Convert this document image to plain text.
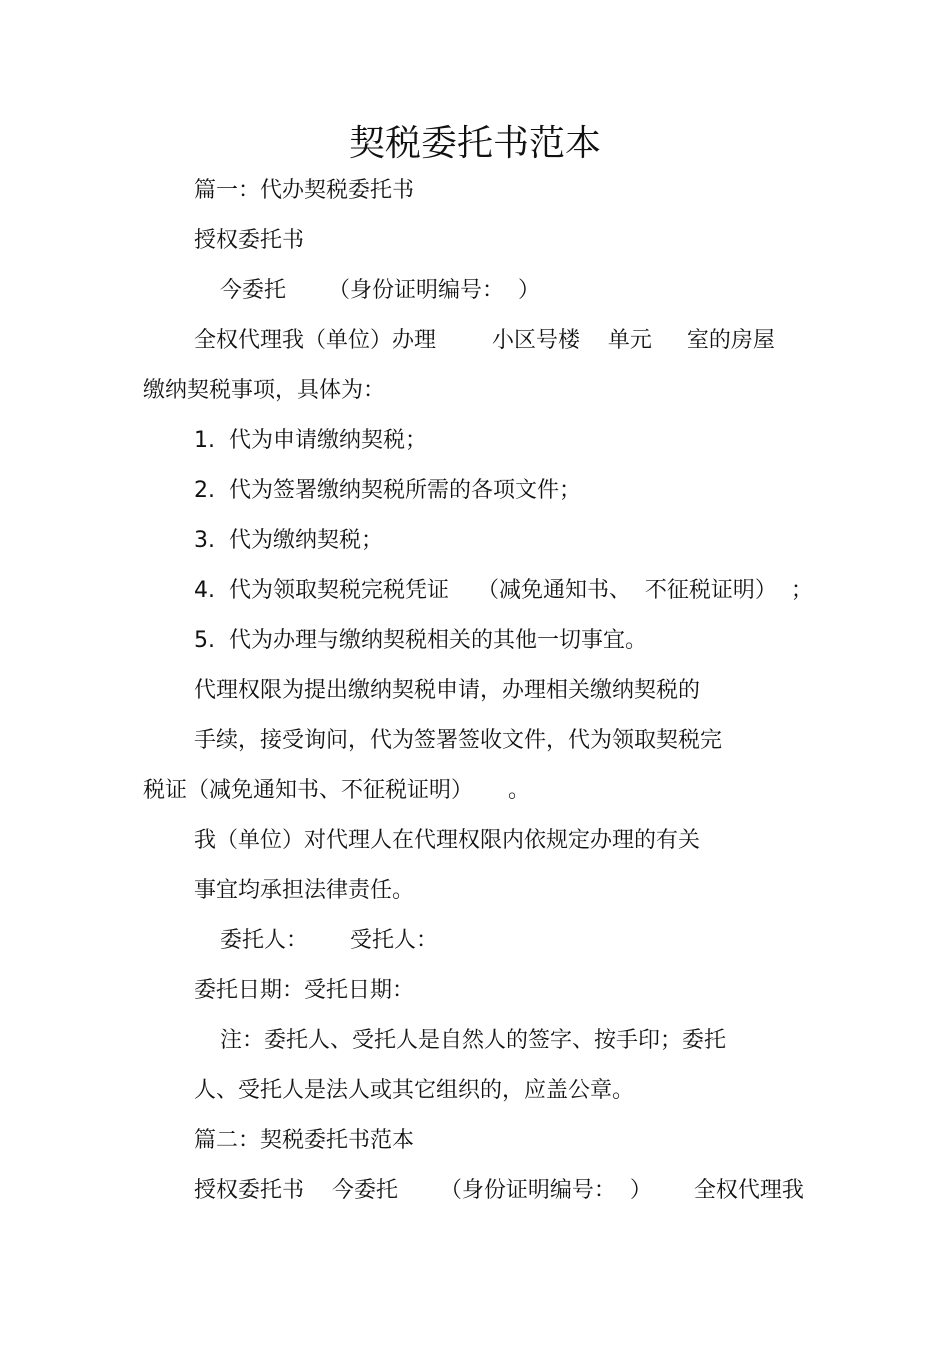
契税委托书范本

篇一：代办契税委托书

授权委托书

今委托      （身份证明编号：  ）

全权代理我（单位）办理        小区号楼    单元     室的房屋

缴纳契税事项，具体为：

1.  代为申请缴纳契税；

2.  代为签署缴纳契税所需的各项文件；

3.  代为缴纳契税；

4.  代为领取契税完税凭证    （减免通知书、  不征税证明）  ；

5.  代为办理与缴纳契税相关的其他一切事宜。

代理权限为提出缴纳契税申请，办理相关缴纳契税的

手续，接受询问，代为签署签收文件，代为领取契税完

税证（减免通知书、不征税证明）     。

我（单位）对代理人在代理权限内依规定办理的有关

事宜均承担法律责任。

委托人：      受托人：

委托日期：受托日期：

注：委托人、受托人是自然人的签字、按手印；委托

人、受托人是法人或其它组织的，应盖公章。

篇二：契税委托书范本

授权委托书    今委托      （身份证明编号：  ）      全权代理我
